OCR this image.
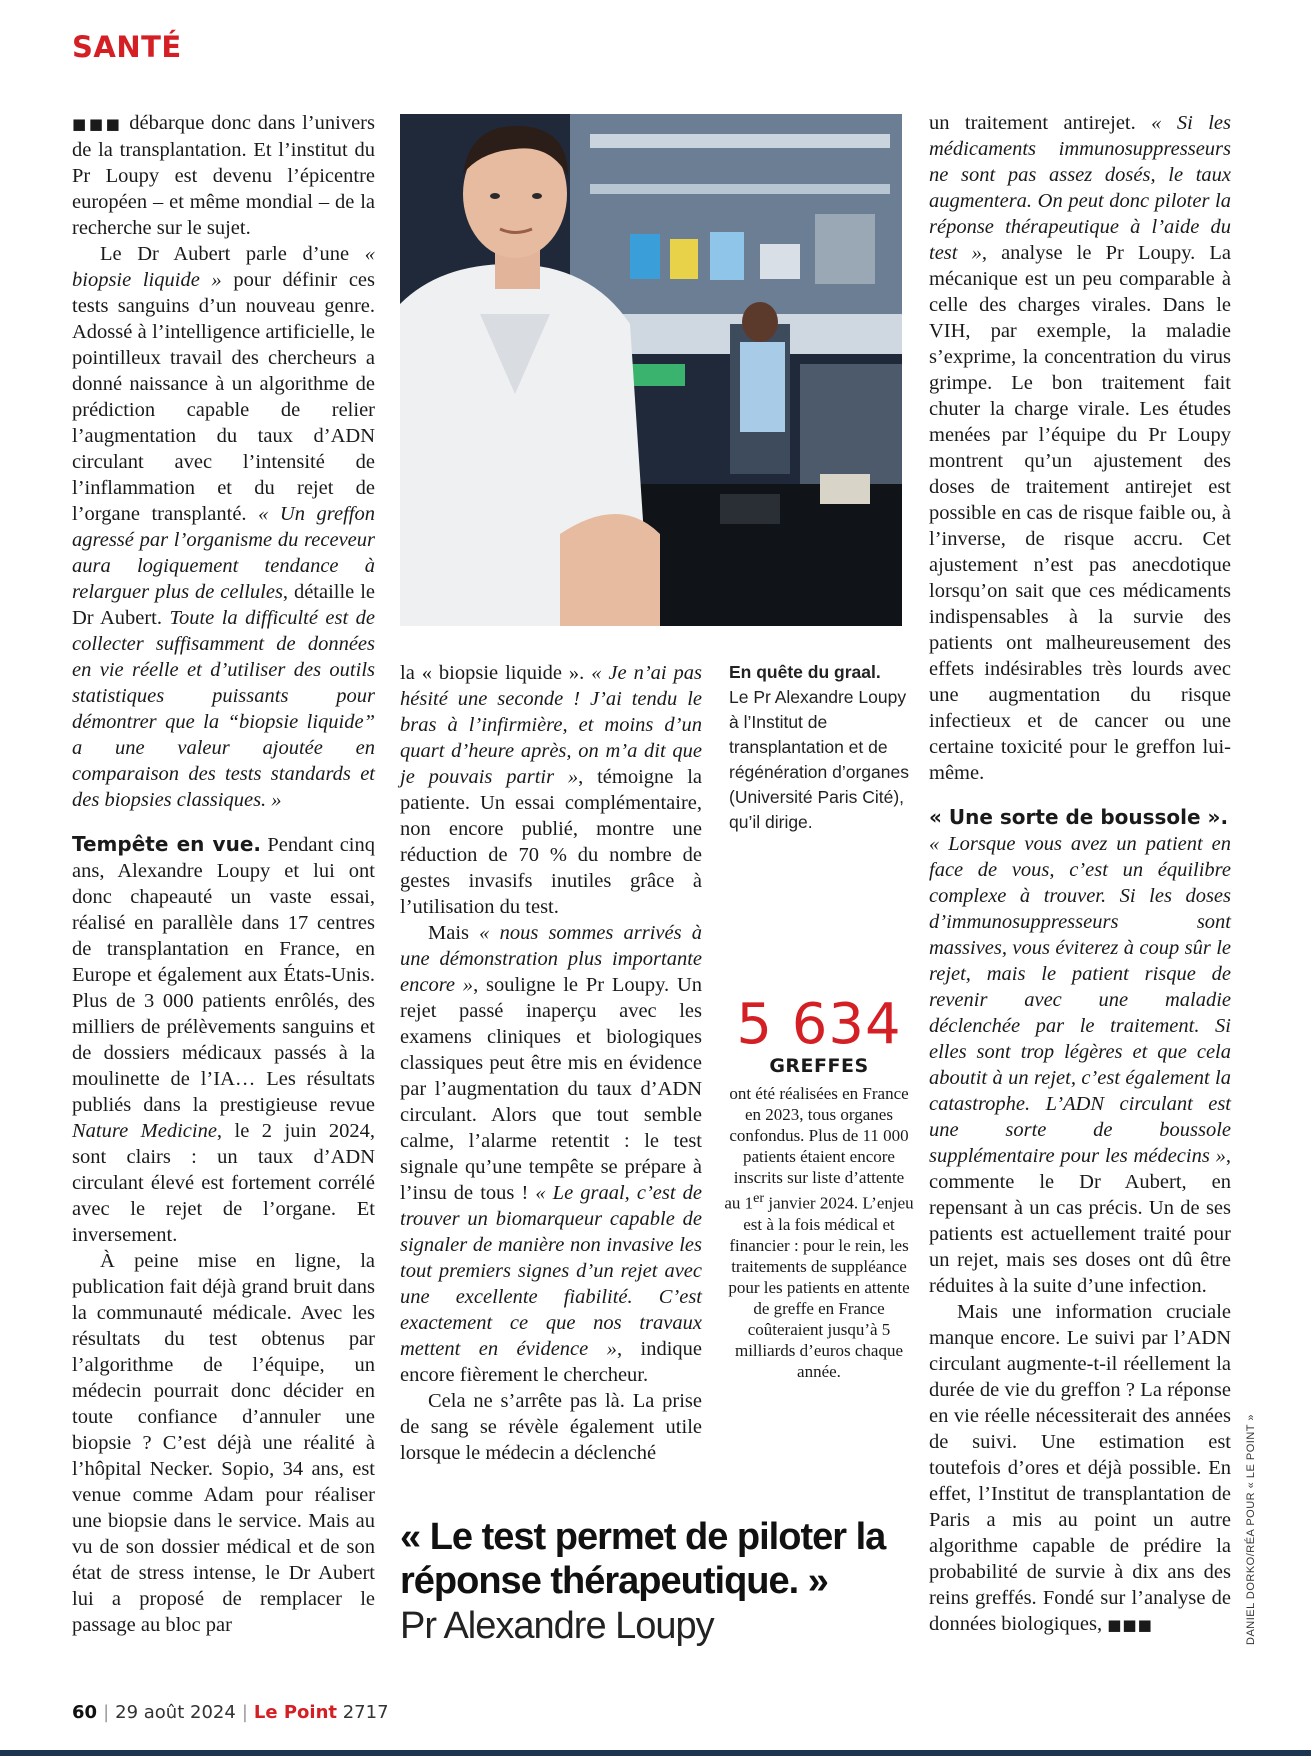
SANTÉ

■■■ débarque donc dans l’univers de la transplantation. Et l’institut du Pr Loupy est devenu l’épicentre européen – et même mondial – de la recherche sur le sujet.

Le Dr Aubert parle d’une « biopsie liquide » pour définir ces tests sanguins d’un nouveau genre. Adossé à l’intelligence artificielle, le pointilleux travail des chercheurs a donné naissance à un algorithme de prédiction capable de relier l’augmentation du taux d’ADN circulant avec l’intensité de l’inflammation et du rejet de l’organe transplanté. « Un greffon agressé par l’organisme du receveur aura logiquement tendance à relarguer plus de cellules, détaille le Dr Aubert. Toute la difficulté est de collecter suffisamment de données en vie réelle et d’utiliser des outils statistiques puissants pour démontrer que la “biopsie liquide” a une valeur ajoutée en comparaison des tests standards et des biopsies classiques. »

Tempête en vue. Pendant cinq ans, Alexandre Loupy et lui ont donc chapeauté un vaste essai, réalisé en parallèle dans 17 centres de transplantation en France, en Europe et également aux États-Unis. Plus de 3 000 patients enrôlés, des milliers de prélèvements sanguins et de dossiers médicaux passés à la moulinette de l’IA… Les résultats publiés dans la prestigieuse revue Nature Medicine, le 2 juin 2024, sont clairs : un taux d’ADN circulant élevé est fortement corrélé avec le rejet de l’organe. Et inversement.

À peine mise en ligne, la publication fait déjà grand bruit dans la communauté médicale. Avec les résultats du test obtenus par l’algorithme de l’équipe, un médecin pourrait donc décider en toute confiance d’annuler une biopsie ? C’est déjà une réalité à l’hôpital Necker. Sopio, 34 ans, est venue comme Adam pour réaliser une biopsie dans le service. Mais au vu de son dossier médical et de son état de stress intense, le Dr Aubert lui a proposé de remplacer le passage au bloc par

En quête du graal.
Le Pr Alexandre Loupy à l’Institut de transplantation et de régénération d’organes (Université Paris Cité), qu’il dirige.

la « biopsie liquide ». « Je n’ai pas hésité une seconde ! J’ai tendu le bras à l’infirmière, et moins d’un quart d’heure après, on m’a dit que je pouvais partir », témoigne la patiente. Un essai complémentaire, non encore publié, montre une réduction de 70 % du nombre de gestes invasifs inutiles grâce à l’utilisation du test.

Mais « nous sommes arrivés à une démonstration plus importante encore », souligne le Pr Loupy. Un rejet passé inaperçu avec les examens cliniques et biologiques classiques peut être mis en évidence par l’augmentation du taux d’ADN circulant. Alors que tout semble calme, l’alarme retentit : le test signale qu’une tempête se prépare à l’insu de tous ! « Le graal, c’est de trouver un biomarqueur capable de signaler de manière non invasive les tout premiers signes d’un rejet avec une excellente fiabilité. C’est exactement ce que nos travaux mettent en évidence », indique encore fièrement le chercheur.

Cela ne s’arrête pas là. La prise de sang se révèle également utile lorsque le médecin a déclenché

5 634
GREFFES
ont été réalisées en France en 2023, tous organes confondus. Plus de 11 000 patients étaient encore inscrits sur liste d’attente au 1er janvier 2024. L’enjeu est à la fois médical et financier : pour le rein, les traitements de suppléance pour les patients en attente de greffe en France coûteraient jusqu’à 5 milliards d’euros chaque année.
« Le test permet de piloter la réponse thérapeutique. »
Pr Alexandre Loupy

un traitement antirejet. « Si les médicaments immunosuppresseurs ne sont pas assez dosés, le taux augmentera. On peut donc piloter la réponse thérapeutique à l’aide du test », analyse le Pr Loupy. La mécanique est un peu comparable à celle des charges virales. Dans le VIH, par exemple, la maladie s’exprime, la concentration du virus grimpe. Le bon traitement fait chuter la charge virale. Les études menées par l’équipe du Pr Loupy montrent qu’un ajustement des doses de traitement antirejet est possible en cas de risque faible ou, à l’inverse, de risque accru. Cet ajustement n’est pas anecdotique lorsqu’on sait que ces médicaments indispensables à la survie des patients ont malheureusement des effets indésirables très lourds avec une augmentation du risque infectieux et de cancer ou une certaine toxicité pour le greffon lui-même.

« Une sorte de boussole ».
« Lorsque vous avez un patient en face de vous, c’est un équilibre complexe à trouver. Si les doses d’immunosuppresseurs sont massives, vous éviterez à coup sûr le rejet, mais le patient risque de revenir avec une maladie déclenchée par le traitement. Si elles sont trop légères et que cela aboutit à un rejet, c’est également la catastrophe. L’ADN circulant est une sorte de boussole supplémentaire pour les médecins », commente le Dr Aubert, en repensant à un cas précis. Un de ses patients est actuellement traité pour un rejet, mais ses doses ont dû être réduites à la suite d’une infection.

Mais une information cruciale manque encore. Le suivi par l’ADN circulant augmente-t-il réellement la durée de vie du greffon ? La réponse en vie réelle nécessiterait des années de suivi. Une estimation est toutefois d’ores et déjà possible. En effet, l’Institut de transplantation de Paris a mis au point un autre algorithme capable de prédire la probabilité de survie à dix ans des reins greffés. Fondé sur l’analyse de données biologiques, ■■■	DANIEL DORKO/RÉA POUR « LE POINT »
60 | 29 août 2024 | Le Point 2717
